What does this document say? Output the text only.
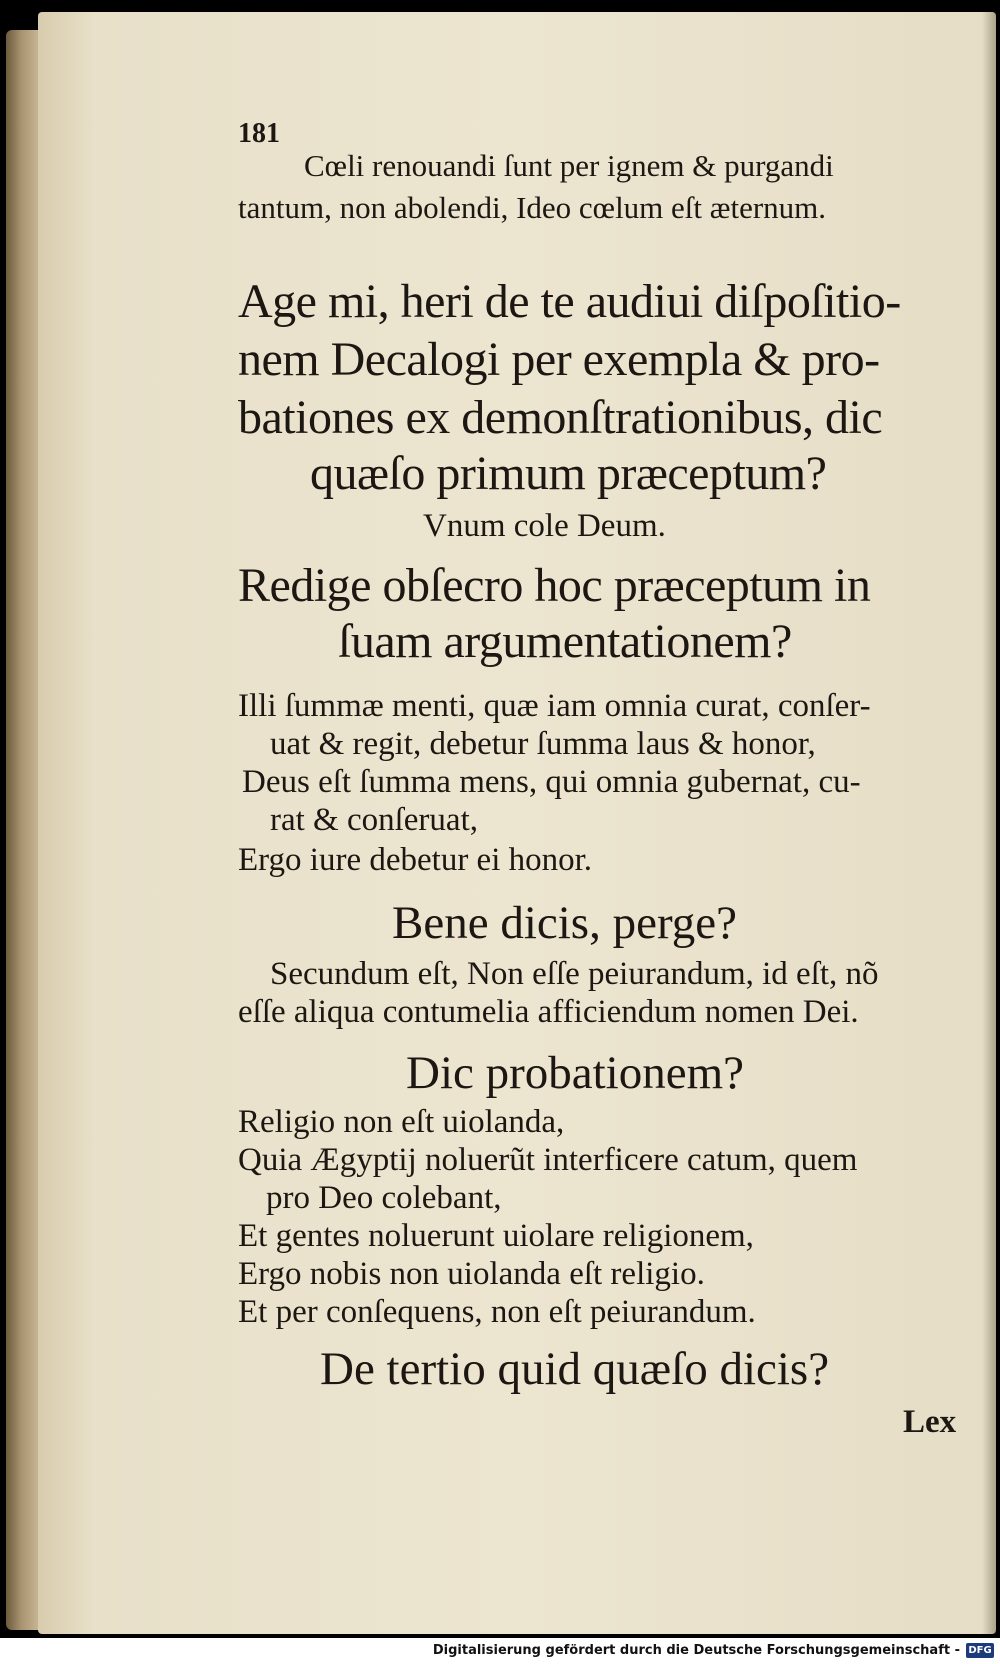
181

Cœli renouandi ſunt per ignem & purgandi

tantum, non abolendi, Ideo cœlum eſt æternum.

Age mi, heri de te audiui diſpoſitio-

nem Decalogi per exempla & pro-

bationes ex demonſtrationibus, dic

quæſo primum præceptum?

Vnum cole Deum.

Redige obſecro hoc præceptum in

ſuam argumentationem?

Illi ſummæ menti, quæ iam omnia curat, conſer-

uat & regit, debetur ſumma laus & honor,

Deus eſt ſumma mens, qui omnia gubernat, cu-

rat & conſeruat,

Ergo iure debetur ei honor.

Bene dicis, perge?

Secundum eſt, Non eſſe peiurandum, id eſt, nõ

eſſe aliqua contumelia afficiendum nomen Dei.

Dic probationem?

Religio non eſt uiolanda,

Quia Ægyptij noluerũt interficere catum, quem

pro Deo colebant,

Et gentes noluerunt uiolare religionem,

Ergo nobis non uiolanda eſt religio.

Et per conſequens, non eſt peiurandum.

De tertio quid quæſo dicis?

Lex

Digitalisierung gefördert durch die Deutsche Forschungsgemeinschaft - DFG
